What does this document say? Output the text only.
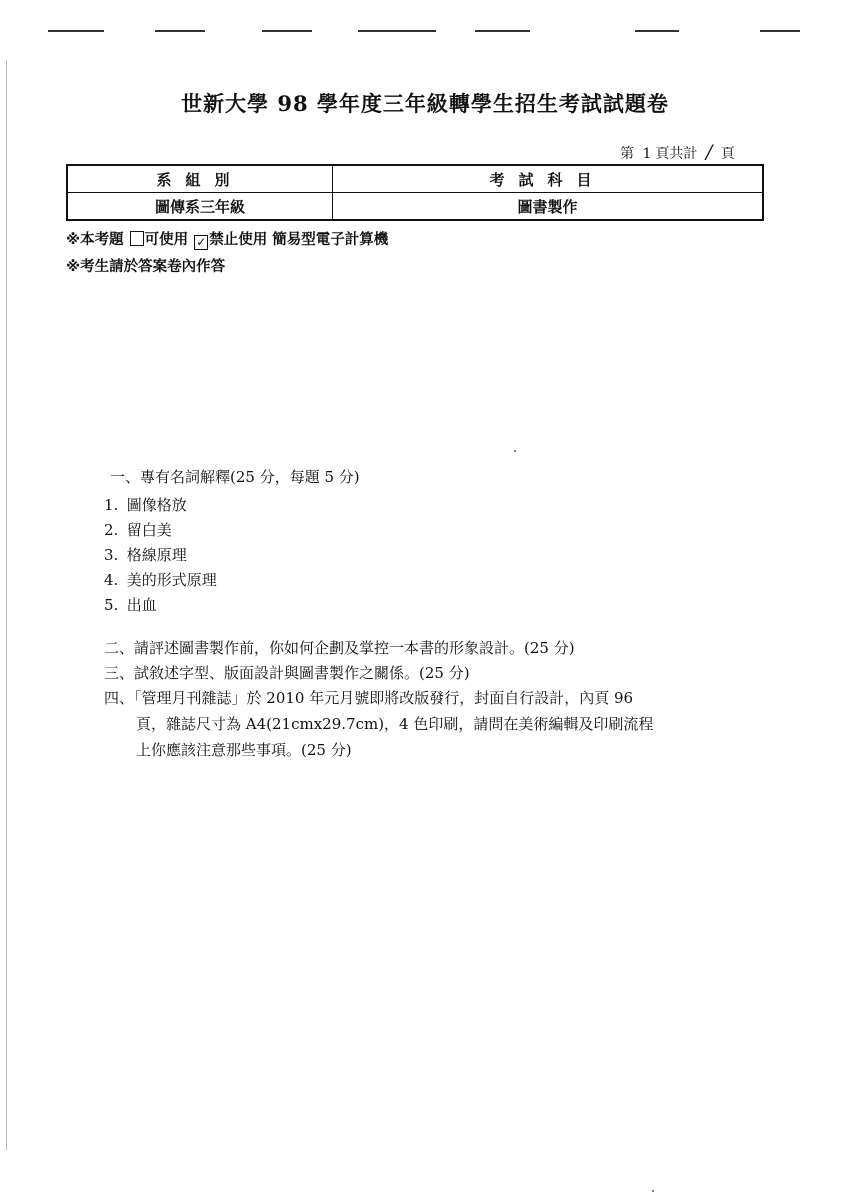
世新大學 98 學年度三年級轉學生招生考試試題卷
第 1 頁共計 / 頁
系組別	考試科目
圖傳系三年級	圖書製作
※本考題 可使用 ✓ 禁止使用 簡易型電子計算機
※考生請於答案卷內作答
一、專有名詞解釋(25 分，每題 5 分)
1. 圖像格放
2. 留白美
3. 格線原理
4. 美的形式原理
5. 出血
二、請評述圖書製作前，你如何企劃及掌控一本書的形象設計。(25 分)
三、試敘述字型、版面設計與圖書製作之關係。(25 分)
四、「管理月刊雜誌」於 2010 年元月號即將改版發行，封面自行設計，內頁 96
頁，雜誌尺寸為 A4(21cmx29.7cm)，4 色印刷，請問在美術編輯及印刷流程
上你應該注意那些事項。(25 分)
